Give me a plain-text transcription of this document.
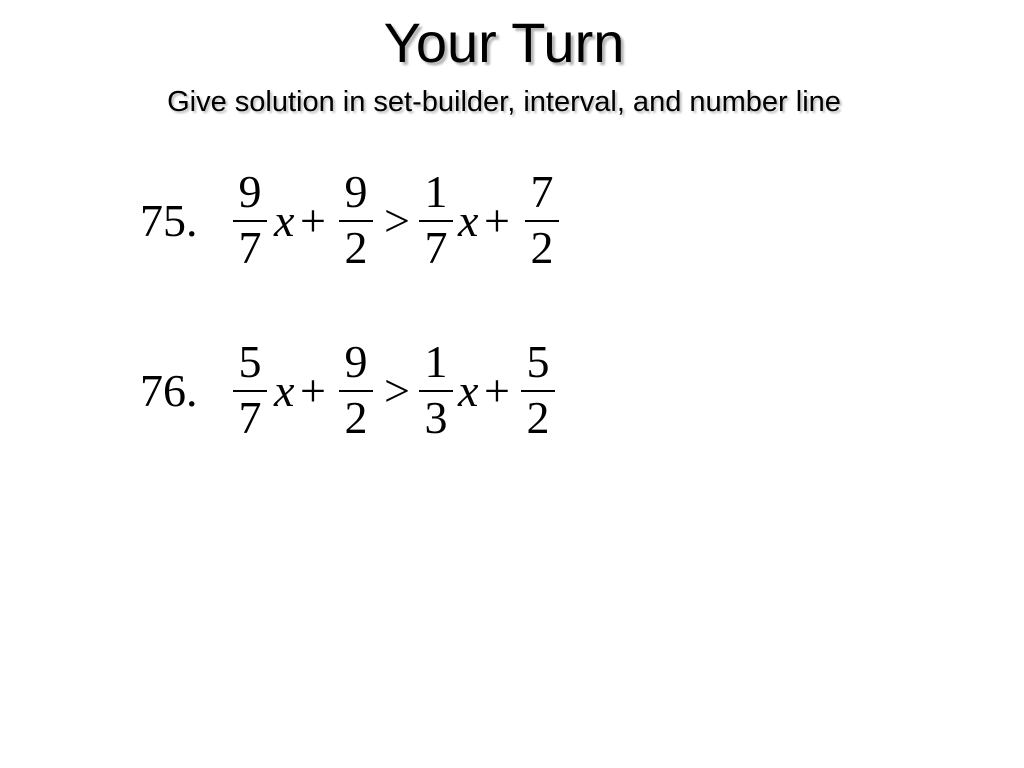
Your Turn
Give solution in set-builder, interval, and number line
75.
9
7
x +
9
2
>
1
7
x +
7
2
76.
5
7
x +
9
2
>
1
3
x +
5
2
